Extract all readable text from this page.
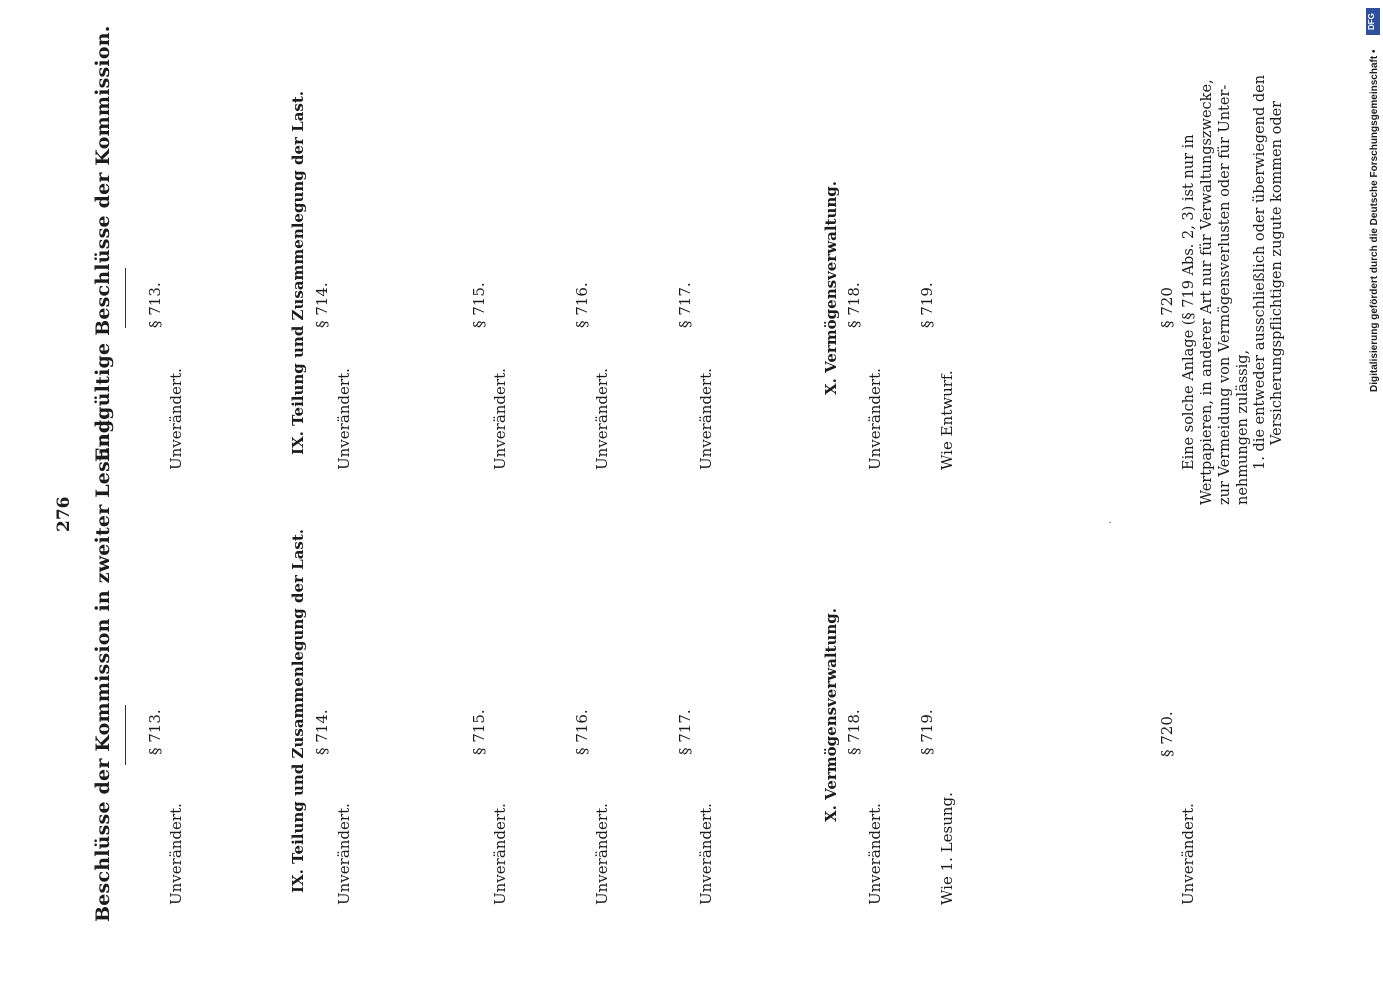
276 Beschlüsse der Kommission in zweiter Lesung. § 713.
Unverändert.	IX. Teilung und Zusammenlegung der Last. § 714.
Unverändert.
§ 715.
Unverändert.
§ 716.
Unverändert.
§ 717.
Unverändert.
X. Vermögensverwaltung. § 718.
Unverändert.
§ 719.
Wie 1. Lesung.
§ 720.
Endgültige Beschlüsse der Kommission. § 713.
Unverändert.	IX. Teilung und Zusammenlegung der Last. § 714.
Unverändert.
§ 715.
Unverändert.
§ 716.
Unverändert.
§ 717.
Unverändert.
X. Vermögensverwaltung. § 718.
Unverändert.
§ 719.
Wie Entwurf.
§ 720 Eine solche Anlage (§ 719 Abs. 2, 3) ist nur in Wertpapieren, in anderer Art nur für Verwaltungszwecke, zur Vermeidung von Vermögensverlusten oder für Unter- nehmungen zulässig, 1. die entweder ausschließlich oder überwiegend den Versicherungspflichtigen zugute kommen oder
Unverändert.
Digitalisierung gefördert durch die Deutsche Forschungsgemeinschaft •
DFG
